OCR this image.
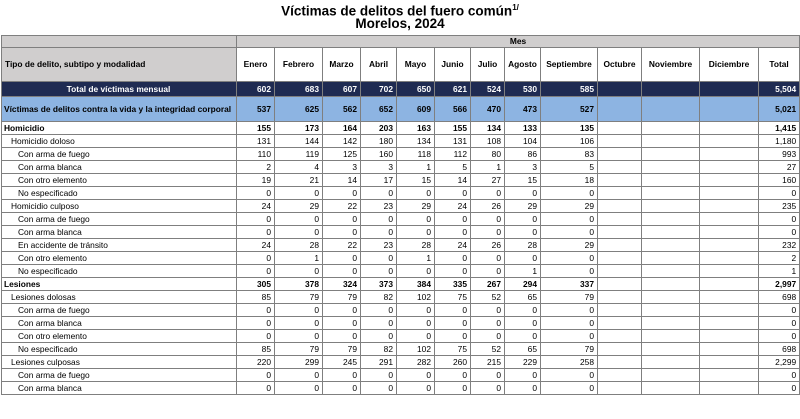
Víctimas de delitos del fuero común$^{1/}$
Morelos, 2024
	Mes												
Tipo de delito, subtipo y modalidad	Enero	Febrero	Marzo	Abril	Mayo	Junio	Julio	Agosto	Septiembre	Octubre	Noviembre	Diciembre	Total
Total de víctimas mensual	602	683	607	702	650	621	524	530	585				5,504
Víctimas de delitos contra la vida y la integridad corporal	537	625	562	652	609	566	470	473	527				5,021
Homicidio	155	173	164	203	163	155	134	133	135				1,415
Homicidio doloso	131	144	142	180	134	131	108	104	106				1,180
Con arma de fuego	110	119	125	160	118	112	80	86	83				993
Con arma blanca	2	4	3	3	1	5	1	3	5				27
Con otro elemento	19	21	14	17	15	14	27	15	18				160
No especificado	0	0	0	0	0	0	0	0	0				0
Homicidio culposo	24	29	22	23	29	24	26	29	29				235
Con arma de fuego	0	0	0	0	0	0	0	0	0				0
Con arma blanca	0	0	0	0	0	0	0	0	0				0
En accidente de tránsito	24	28	22	23	28	24	26	28	29				232
Con otro elemento	0	1	0	0	1	0	0	0	0				2
No especificado	0	0	0	0	0	0	0	1	0				1
Lesiones	305	378	324	373	384	335	267	294	337				2,997
Lesiones dolosas	85	79	79	82	102	75	52	65	79				698
Con arma de fuego	0	0	0	0	0	0	0	0	0				0
Con arma blanca	0	0	0	0	0	0	0	0	0				0
Con otro elemento	0	0	0	0	0	0	0	0	0				0
No especificado	85	79	79	82	102	75	52	65	79				698
Lesiones culposas	220	299	245	291	282	260	215	229	258				2,299
Con arma de fuego	0	0	0	0	0	0	0	0	0				0
Con arma blanca	0	0	0	0	0	0	0	0	0				0
